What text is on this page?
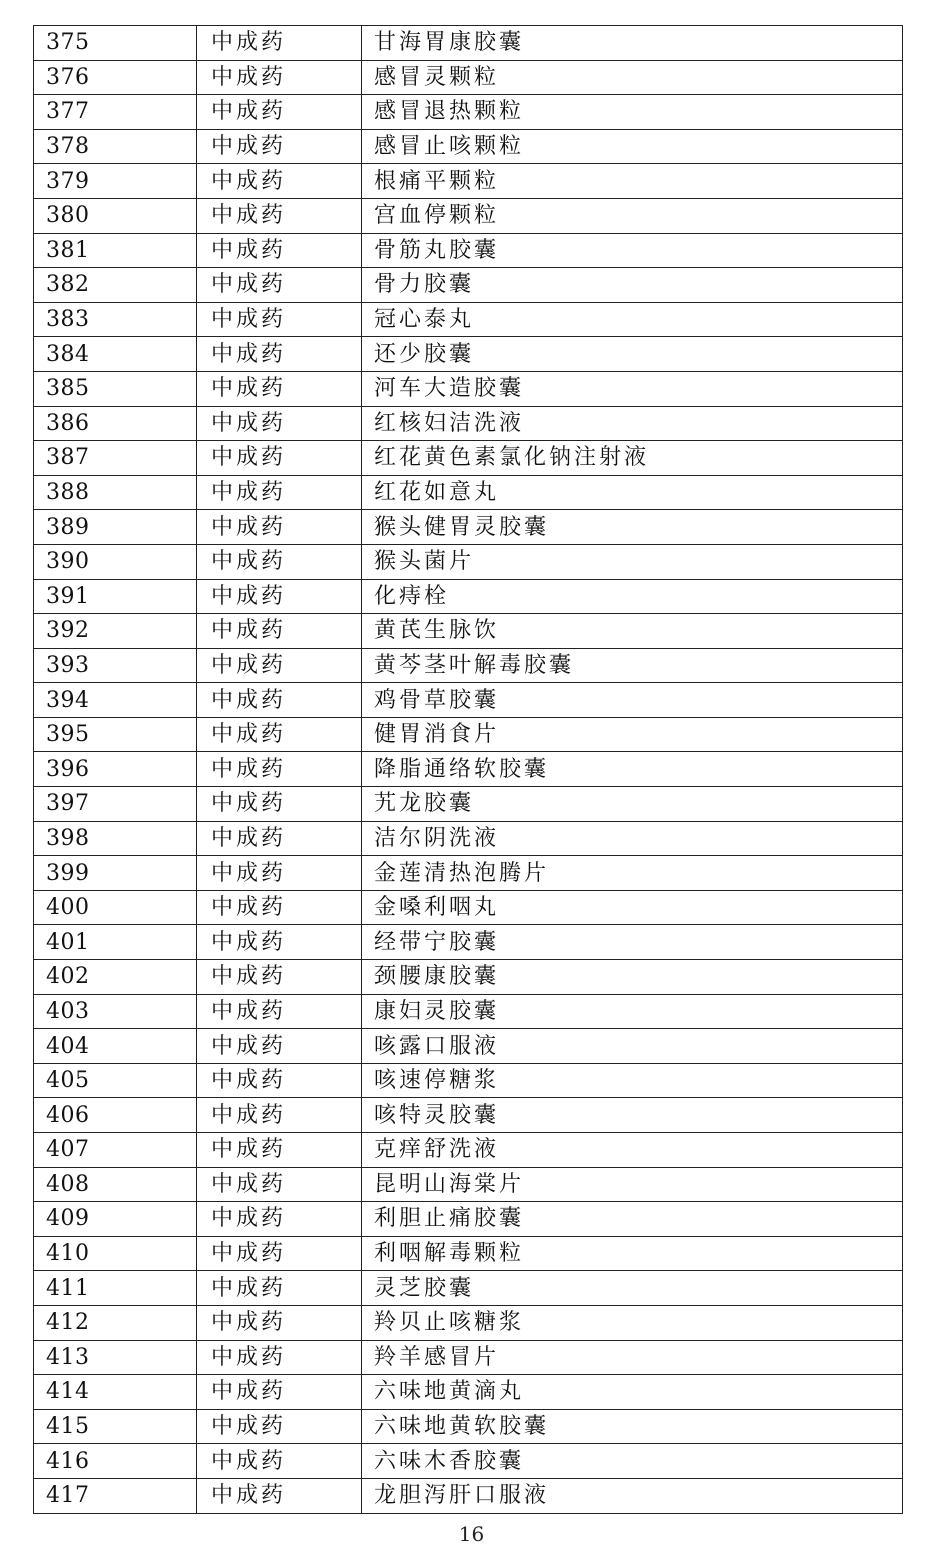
375	中成药	甘海胃康胶囊
376	中成药	感冒灵颗粒
377	中成药	感冒退热颗粒
378	中成药	感冒止咳颗粒
379	中成药	根痛平颗粒
380	中成药	宫血停颗粒
381	中成药	骨筋丸胶囊
382	中成药	骨力胶囊
383	中成药	冠心泰丸
384	中成药	还少胶囊
385	中成药	河车大造胶囊
386	中成药	红核妇洁洗液
387	中成药	红花黄色素氯化钠注射液
388	中成药	红花如意丸
389	中成药	猴头健胃灵胶囊
390	中成药	猴头菌片
391	中成药	化痔栓
392	中成药	黄芪生脉饮
393	中成药	黄芩茎叶解毒胶囊
394	中成药	鸡骨草胶囊
395	中成药	健胃消食片
396	中成药	降脂通络软胶囊
397	中成药	艽龙胶囊
398	中成药	洁尔阴洗液
399	中成药	金莲清热泡腾片
400	中成药	金嗓利咽丸
401	中成药	经带宁胶囊
402	中成药	颈腰康胶囊
403	中成药	康妇灵胶囊
404	中成药	咳露口服液
405	中成药	咳速停糖浆
406	中成药	咳特灵胶囊
407	中成药	克痒舒洗液
408	中成药	昆明山海棠片
409	中成药	利胆止痛胶囊
410	中成药	利咽解毒颗粒
411	中成药	灵芝胶囊
412	中成药	羚贝止咳糖浆
413	中成药	羚羊感冒片
414	中成药	六味地黄滴丸
415	中成药	六味地黄软胶囊
416	中成药	六味木香胶囊
417	中成药	龙胆泻肝口服液
16
